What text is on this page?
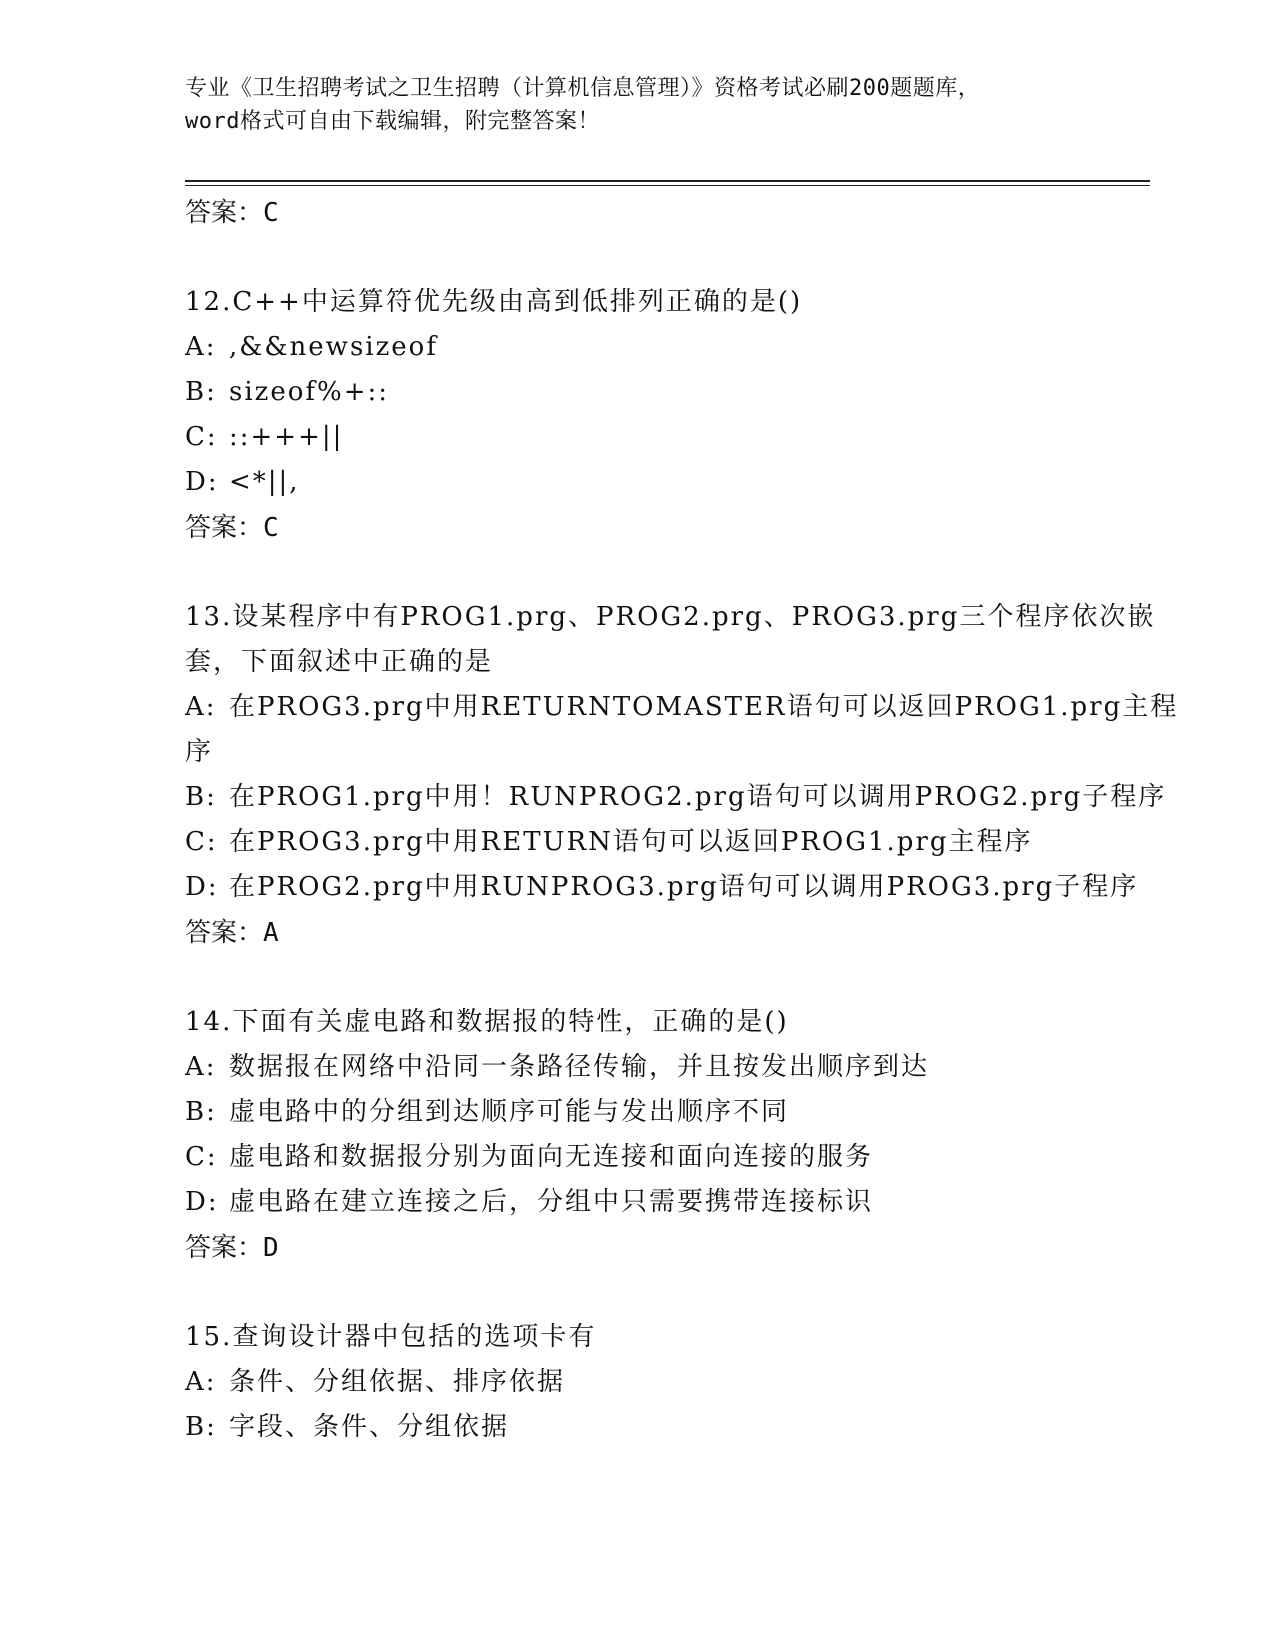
专业《卫生招聘考试之卫生招聘（计算机信息管理）》资格考试必刷200题题库，
word格式可自由下载编辑，附完整答案！
答案：C
12.C++中运算符优先级由高到低排列正确的是()
A: ,&&newsizeof
B: sizeof%+::
C: ::+++||
D: <*||,
答案：C
13.设某程序中有PROG1.prg、PROG2.prg、PROG3.prg三个程序依次嵌
套，下面叙述中正确的是
A: 在PROG3.prg中用RETURNTOMASTER语句可以返回PROG1.prg主程
序
B: 在PROG1.prg中用！RUNPROG2.prg语句可以调用PROG2.prg子程序
C: 在PROG3.prg中用RETURN语句可以返回PROG1.prg主程序
D: 在PROG2.prg中用RUNPROG3.prg语句可以调用PROG3.prg子程序
答案：A
14.下面有关虚电路和数据报的特性，正确的是()
A: 数据报在网络中沿同一条路径传输，并且按发出顺序到达
B: 虚电路中的分组到达顺序可能与发出顺序不同
C: 虚电路和数据报分别为面向无连接和面向连接的服务
D: 虚电路在建立连接之后，分组中只需要携带连接标识
答案：D
15.查询设计器中包括的选项卡有
A: 条件、分组依据、排序依据
B: 字段、条件、分组依据
